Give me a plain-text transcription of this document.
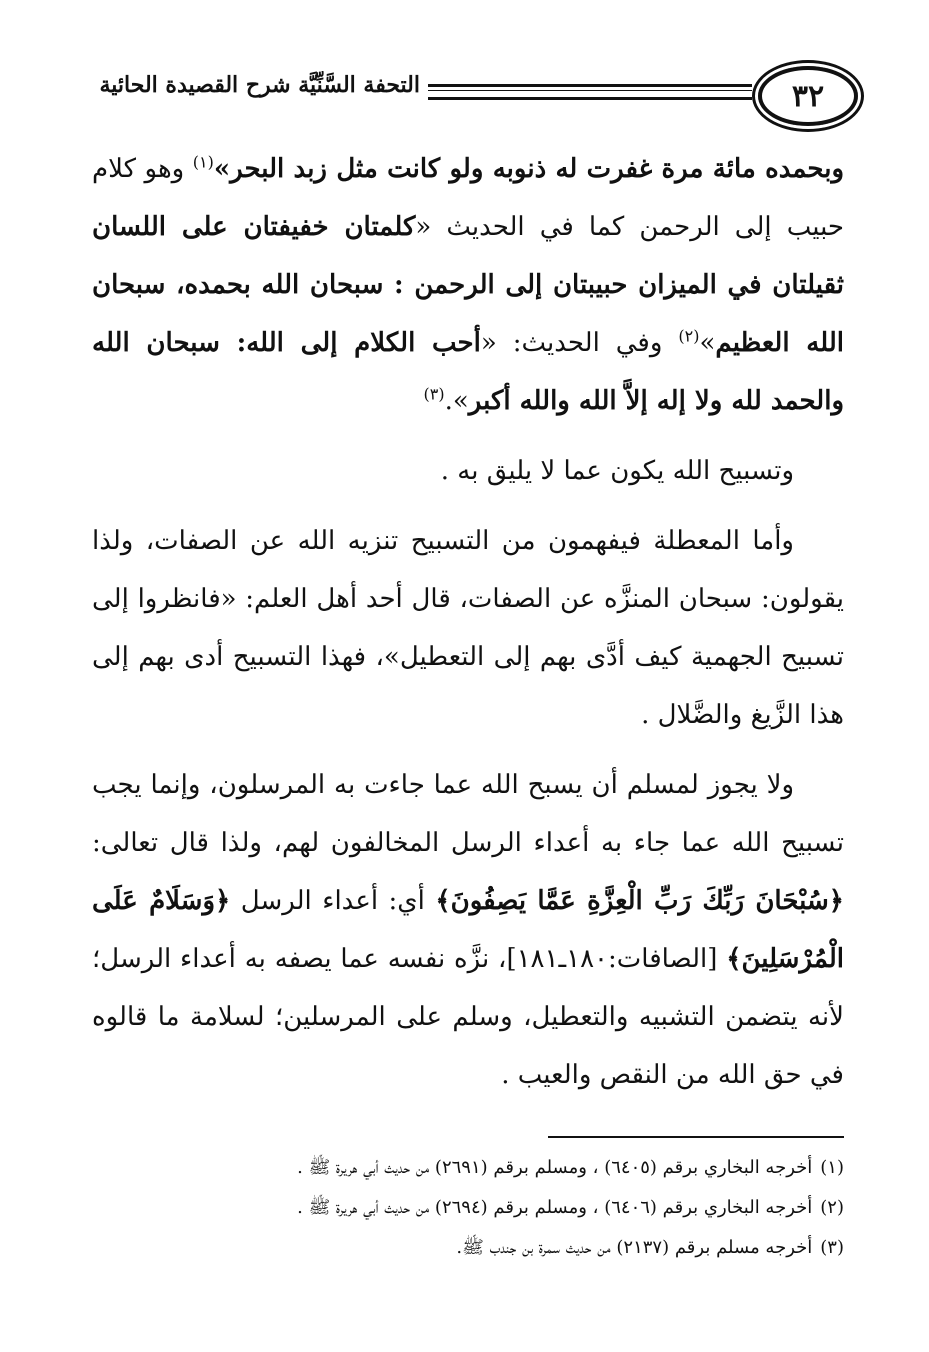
٣٢
التحفة السَّنِّيَّة شرح القصيدة الحائية

وبحمده مائة مرة غفرت له ذنوبه ولو كانت مثل زبد البحر»$^{(١)}$ وهو كلام حبيب إلى الرحمن كما في الحديث «كلمتان خفيفتان على اللسان ثقيلتان في الميزان حبيبتان إلى الرحمن : سبحان الله بحمده، سبحان الله العظيم»$^{(٢)}$ وفي الحديث: «أحب الكلام إلى الله: سبحان الله والحمد لله ولا إله إلاَّ الله والله أكبر».$^{(٣)}$

وتسبيح الله يكون عما لا يليق به .

وأما المعطلة فيفهمون من التسبيح تنزيه الله عن الصفات، ولذا يقولون: سبحان المنزَّه عن الصفات، قال أحد أهل العلم: «فانظروا إلى تسبيح الجهمية كيف أدَّى بهم إلى التعطيل»، فهذا التسبيح أدى بهم إلى هذا الزَّيغ والضَّلال .

ولا يجوز لمسلم أن يسبح الله عما جاءت به المرسلون، وإنما يجب تسبيح الله عما جاء به أعداء الرسل المخالفون لهم، ولذا قال تعالى: ﴿سُبْحَانَ رَبِّكَ رَبِّ الْعِزَّةِ عَمَّا يَصِفُونَ﴾ أي: أعداء الرسل ﴿وَسَلَامٌ عَلَى الْمُرْسَلِينَ﴾ [الصافات:١٨٠ـ١٨١]، نزَّه نفسه عما يصفه به أعداء الرسل؛ لأنه يتضمن التشبيه والتعطيل، وسلم على المرسلين؛ لسلامة ما قالوه في حق الله من النقص والعيب .

(١)أخرجه البخاري برقم (٦٤٠٥) ، ومسلم برقم (٢٦٩١) من حديث أبي هريرة ﷺ .
(٢)أخرجه البخاري برقم (٦٤٠٦) ، ومسلم برقم (٢٦٩٤) من حديث أبي هريرة ﷺ .
(٣)أخرجه مسلم برقم (٢١٣٧) من حديث سمرة بن جندب ﷺ.
